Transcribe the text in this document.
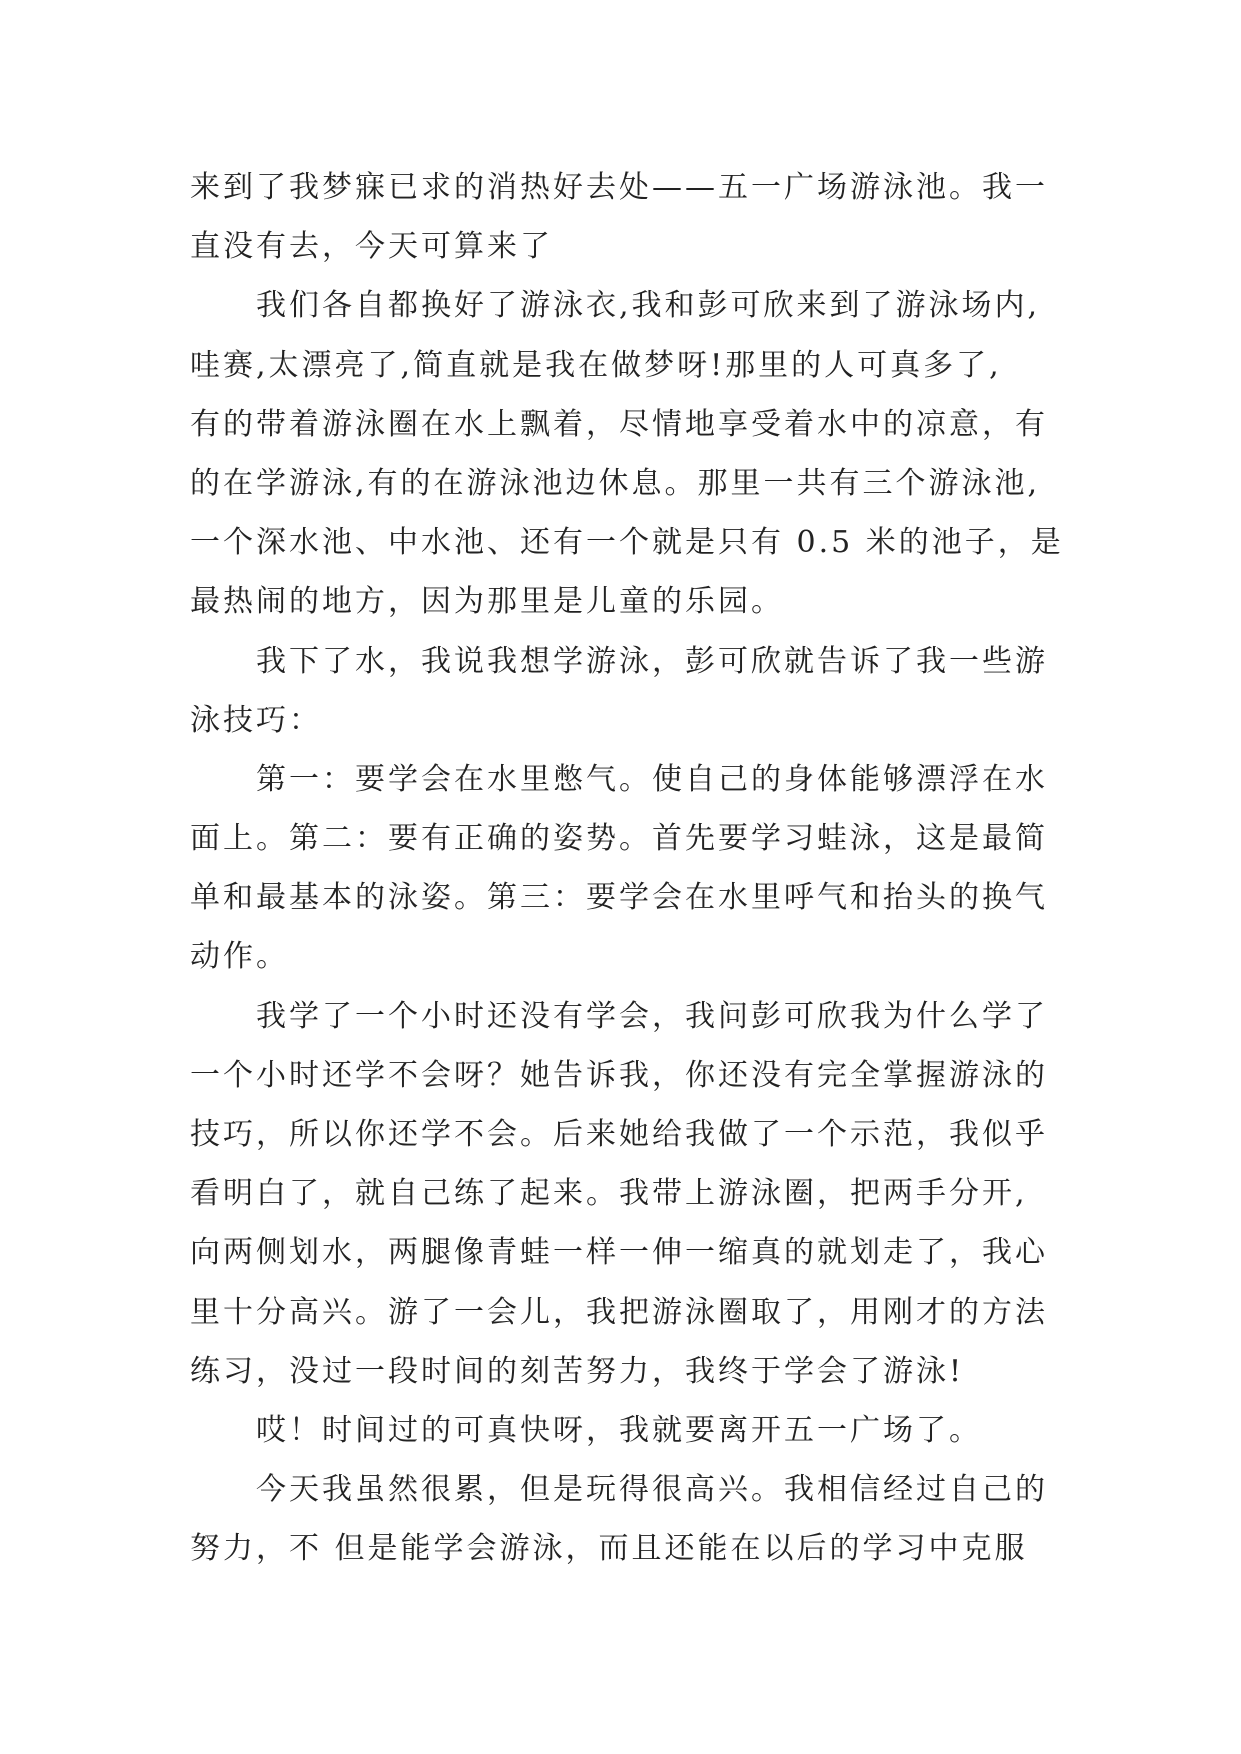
来到了我梦寐已求的消热好去处——五一广场游泳池。我一
直没有去，今天可算来了
我们各自都换好了游泳衣,我和彭可欣来到了游泳场内,
哇赛,太漂亮了,简直就是我在做梦呀!那里的人可真多了,
有的带着游泳圈在水上飘着，尽情地享受着水中的凉意，有
的在学游泳,有的在游泳池边休息。那里一共有三个游泳池,
一个深水池、中水池、还有一个就是只有 0.5 米的池子，是
最热闹的地方，因为那里是儿童的乐园。
我下了水，我说我想学游泳，彭可欣就告诉了我一些游
泳技巧：
第一：要学会在水里憋气。使自己的身体能够漂浮在水
面上。第二：要有正确的姿势。首先要学习蛙泳，这是最简
单和最基本的泳姿。第三：要学会在水里呼气和抬头的换气
动作。
我学了一个小时还没有学会，我问彭可欣我为什么学了
一个小时还学不会呀？她告诉我，你还没有完全掌握游泳的
技巧，所以你还学不会。后来她给我做了一个示范，我似乎
看明白了，就自己练了起来。我带上游泳圈，把两手分开,
向两侧划水，两腿像青蛙一样一伸一缩真的就划走了，我心
里十分高兴。游了一会儿，我把游泳圈取了，用刚才的方法
练习，没过一段时间的刻苦努力，我终于学会了游泳!
哎！时间过的可真快呀，我就要离开五一广场了。
今天我虽然很累，但是玩得很高兴。我相信经过自己的
努力，不 但是能学会游泳，而且还能在以后的学习中克服
